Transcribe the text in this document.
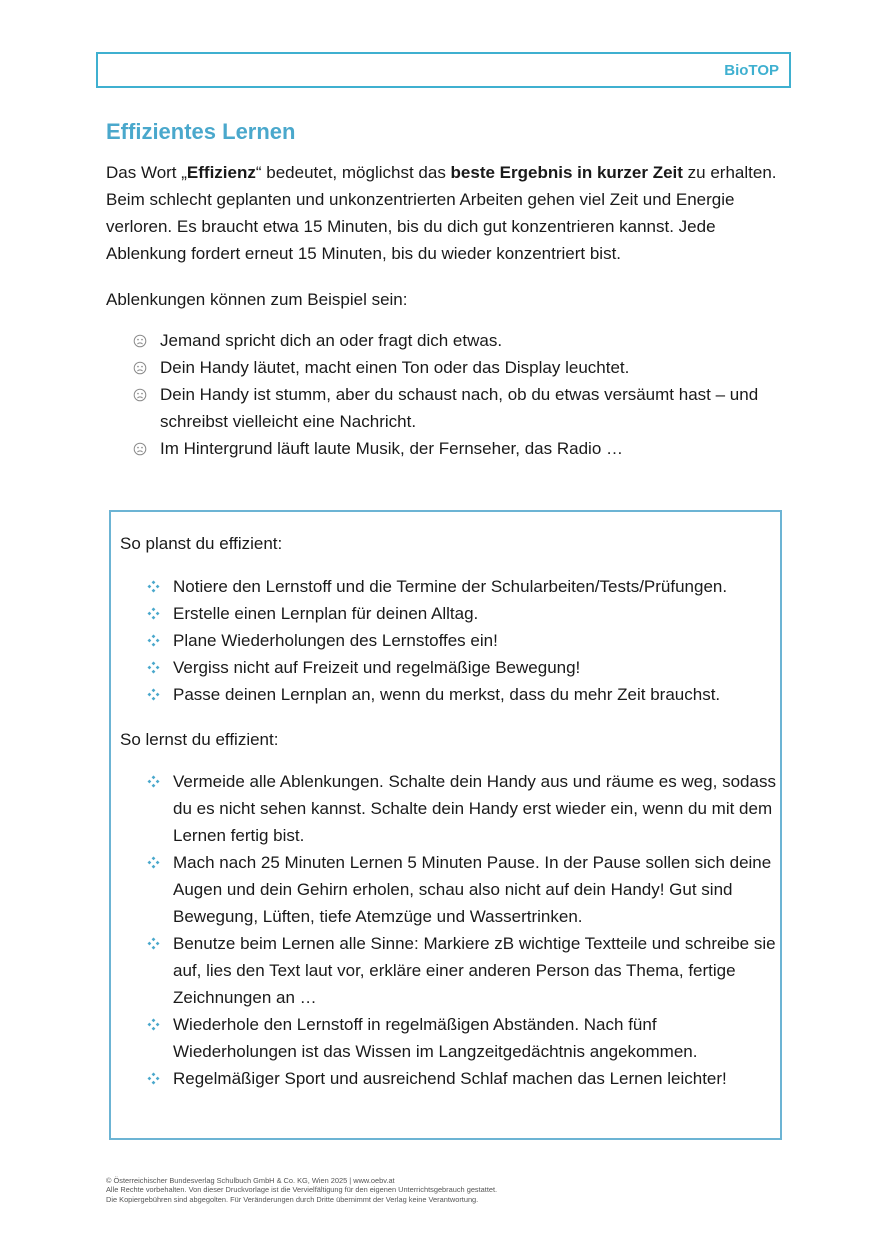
BioTOP
Effizientes Lernen

Das Wort „Effizienz“ bedeutet, möglichst das beste Ergebnis in kurzer Zeit zu erhalten. Beim schlecht geplanten und unkonzentrierten Arbeiten gehen viel Zeit und Energie verloren. Es braucht etwa 15 Minuten, bis du dich gut konzentrieren kannst. Jede Ablenkung fordert erneut 15 Minuten, bis du wieder konzentriert bist.

Ablenkungen können zum Beispiel sein:

Jemand spricht dich an oder fragt dich etwas.
Dein Handy läutet, macht einen Ton oder das Display leuchtet.
Dein Handy ist stumm, aber du schaust nach, ob du etwas versäumt hast – und schreibst vielleicht eine Nachricht.
Im Hintergrund läuft laute Musik, der Fernseher, das Radio …

So planst du effizient:

Notiere den Lernstoff und die Termine der Schularbeiten/Tests/Prüfungen.
Erstelle einen Lernplan für deinen Alltag.
Plane Wiederholungen des Lernstoffes ein!
Vergiss nicht auf Freizeit und regelmäßige Bewegung!
Passe deinen Lernplan an, wenn du merkst, dass du mehr Zeit brauchst.

So lernst du effizient:

Vermeide alle Ablenkungen. Schalte dein Handy aus und räume es weg, sodass du es nicht sehen kannst. Schalte dein Handy erst wieder ein, wenn du mit dem Lernen fertig bist.
Mach nach 25 Minuten Lernen 5 Minuten Pause. In der Pause sollen sich deine Augen und dein Gehirn erholen, schau also nicht auf dein Handy! Gut sind Bewegung, Lüften, tiefe Atemzüge und Wassertrinken.
Benutze beim Lernen alle Sinne: Markiere zB wichtige Textteile und schreibe sie auf, lies den Text laut vor, erkläre einer anderen Person das Thema, fertige Zeichnungen an …
Wiederhole den Lernstoff in regelmäßigen Abständen. Nach fünf Wiederholungen ist das Wissen im Langzeitgedächtnis angekommen.
Regelmäßiger Sport und ausreichend Schlaf machen das Lernen leichter!
© Österreichischer Bundesverlag Schulbuch GmbH & Co. KG, Wien 2025 | www.oebv.at
Alle Rechte vorbehalten. Von dieser Druckvorlage ist die Vervielfältigung für den eigenen Unterrichtsgebrauch gestattet.
Die Kopiergebühren sind abgegolten. Für Veränderungen durch Dritte übernimmt der Verlag keine Verantwortung.
